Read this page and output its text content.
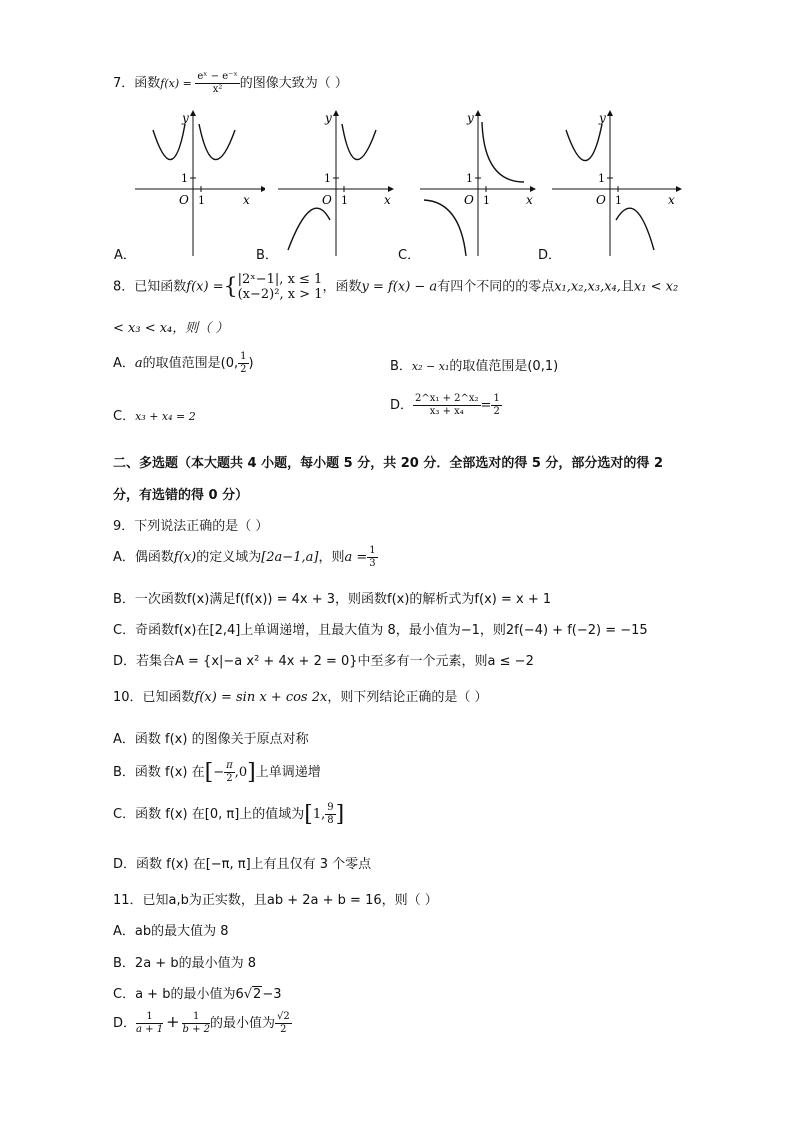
7．函数$f(x) = \frac{\text{eˣ − e⁻ˣ}}{\text{x²}}$ 的图像大致为（ ）
y
x
O
1
1
A．
y
x
O
1
1
B．
y
x
O
1
1
C．
y
x
O
1
1
D．
8．已知函数f(x) ={ |2ˣ−1|, x ≤ 1
(x−2)², x > 1 ，函数y = f(x) − a有四个不同的的零点x₁,x₂,x₃,x₄,且x₁ < x₂
< x₃ < x₄，则（ ）
A．a的取值范围是(0, $\frac{1}{2}$ )	B．x₂ − x₁的取值范围是(0,1)
C．x₃ + x₄ = 2
D． $\frac{\text{2\textasciicircum{}x₁ + 2\textasciicircum{}x₂}}{\text{x₃ + x₄}} = \frac{1}{2}$
二、多选题（本大题共 4 小题，每小题 5 分，共 20 分．全部选对的得 5 分，部分选对的得 2
分，有选错的得 0 分）
9．下列说法正确的是（ ）
A．偶函数f(x)的定义域为[2a−1,a]，则$a = \frac{1}{3}$
B．一次函数f(x)满足f(f(x)) = 4x + 3，则函数f(x)的解析式为f(x) = x + 1
C．奇函数f(x)在[2,4]上单调递增，且最大值为 8，最小值为−1，则2f(−4) + f(−2) = −15
D．若集合A = {x|−a x² + 4x + 2 = 0}中至多有一个元素，则a ≤ −2
10．已知函数f(x) = sin x + cos 2x，则下列结论正确的是（ ）
A．函数 f(x) 的图像关于原点对称
B．函数 f(x) 在[− $\frac{\pi}{2} ,0$]上单调递增
C．函数 f(x) 在[0, π]上的值域为[1, $\frac{9}{8}$ ]
D．函数 f(x) 在[−π, π]上有且仅有 3 个零点
11．已知a,b为正实数，且ab + 2a + b = 16，则（ ）
A．ab的最大值为 8
B．2a + b的最小值为 8
C．a + b的最小值为6√2−3
D． $\frac{1}{a + 1} + \frac{1}{b + 2}$ 的最小值为 $\frac{√2}{2}$
